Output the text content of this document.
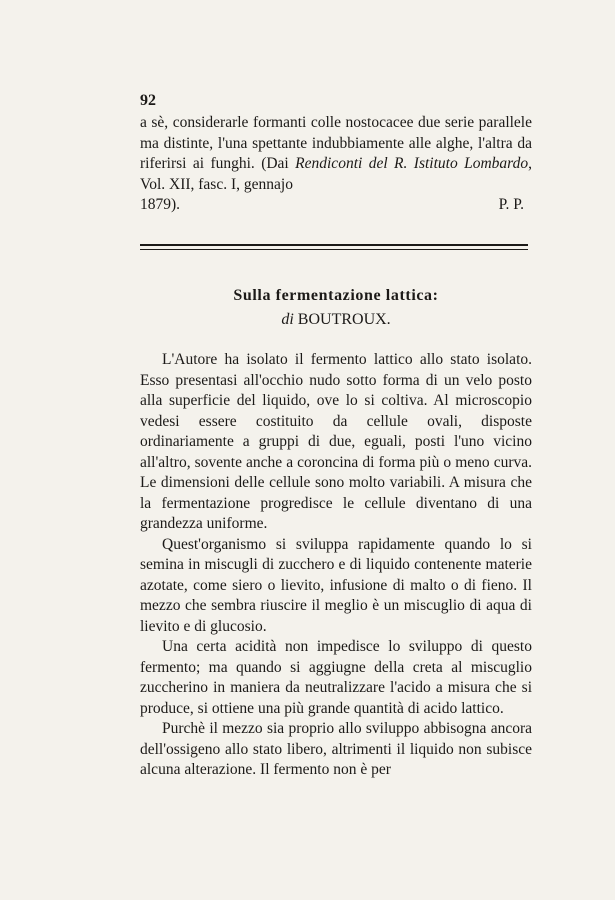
92
a sè, considerarle formanti colle nostocacee due serie parallele ma distinte, l'una spettante indubbiamente alle alghe, l'altra da riferirsi ai funghi. (Dai Rendiconti del R. Istituto Lombardo, Vol. XII, fasc. I, gennajo
1879).	P. P.
Sulla fermentazione lattica:
di BOUTROUX.

L'Autore ha isolato il fermento lattico allo stato isolato. Esso presentasi all'occhio nudo sotto forma di un velo posto alla superficie del liquido, ove lo si coltiva. Al microscopio vedesi essere costituito da cellule ovali, disposte ordinariamente a gruppi di due, eguali, posti l'uno vicino all'altro, sovente anche a coroncina di forma più o meno curva. Le dimensioni delle cellule sono molto variabili. A misura che la fermentazione progredisce le cellule diventano di una grandezza uniforme.

Quest'organismo si sviluppa rapidamente quando lo si semina in miscugli di zucchero e di liquido contenente materie azotate, come siero o lievito, infusione di malto o di fieno. Il mezzo che sembra riuscire il meglio è un miscuglio di aqua di lievito e di glucosio.

Una certa acidità non impedisce lo sviluppo di questo fermento; ma quando si aggiugne della creta al miscuglio zuccherino in maniera da neutralizzare l'acido a misura che si produce, si ottiene una più grande quantità di acido lattico.

Purchè il mezzo sia proprio allo sviluppo abbisogna ancora dell'ossigeno allo stato libero, altrimenti il liquido non subisce alcuna alterazione. Il fermento non è per
